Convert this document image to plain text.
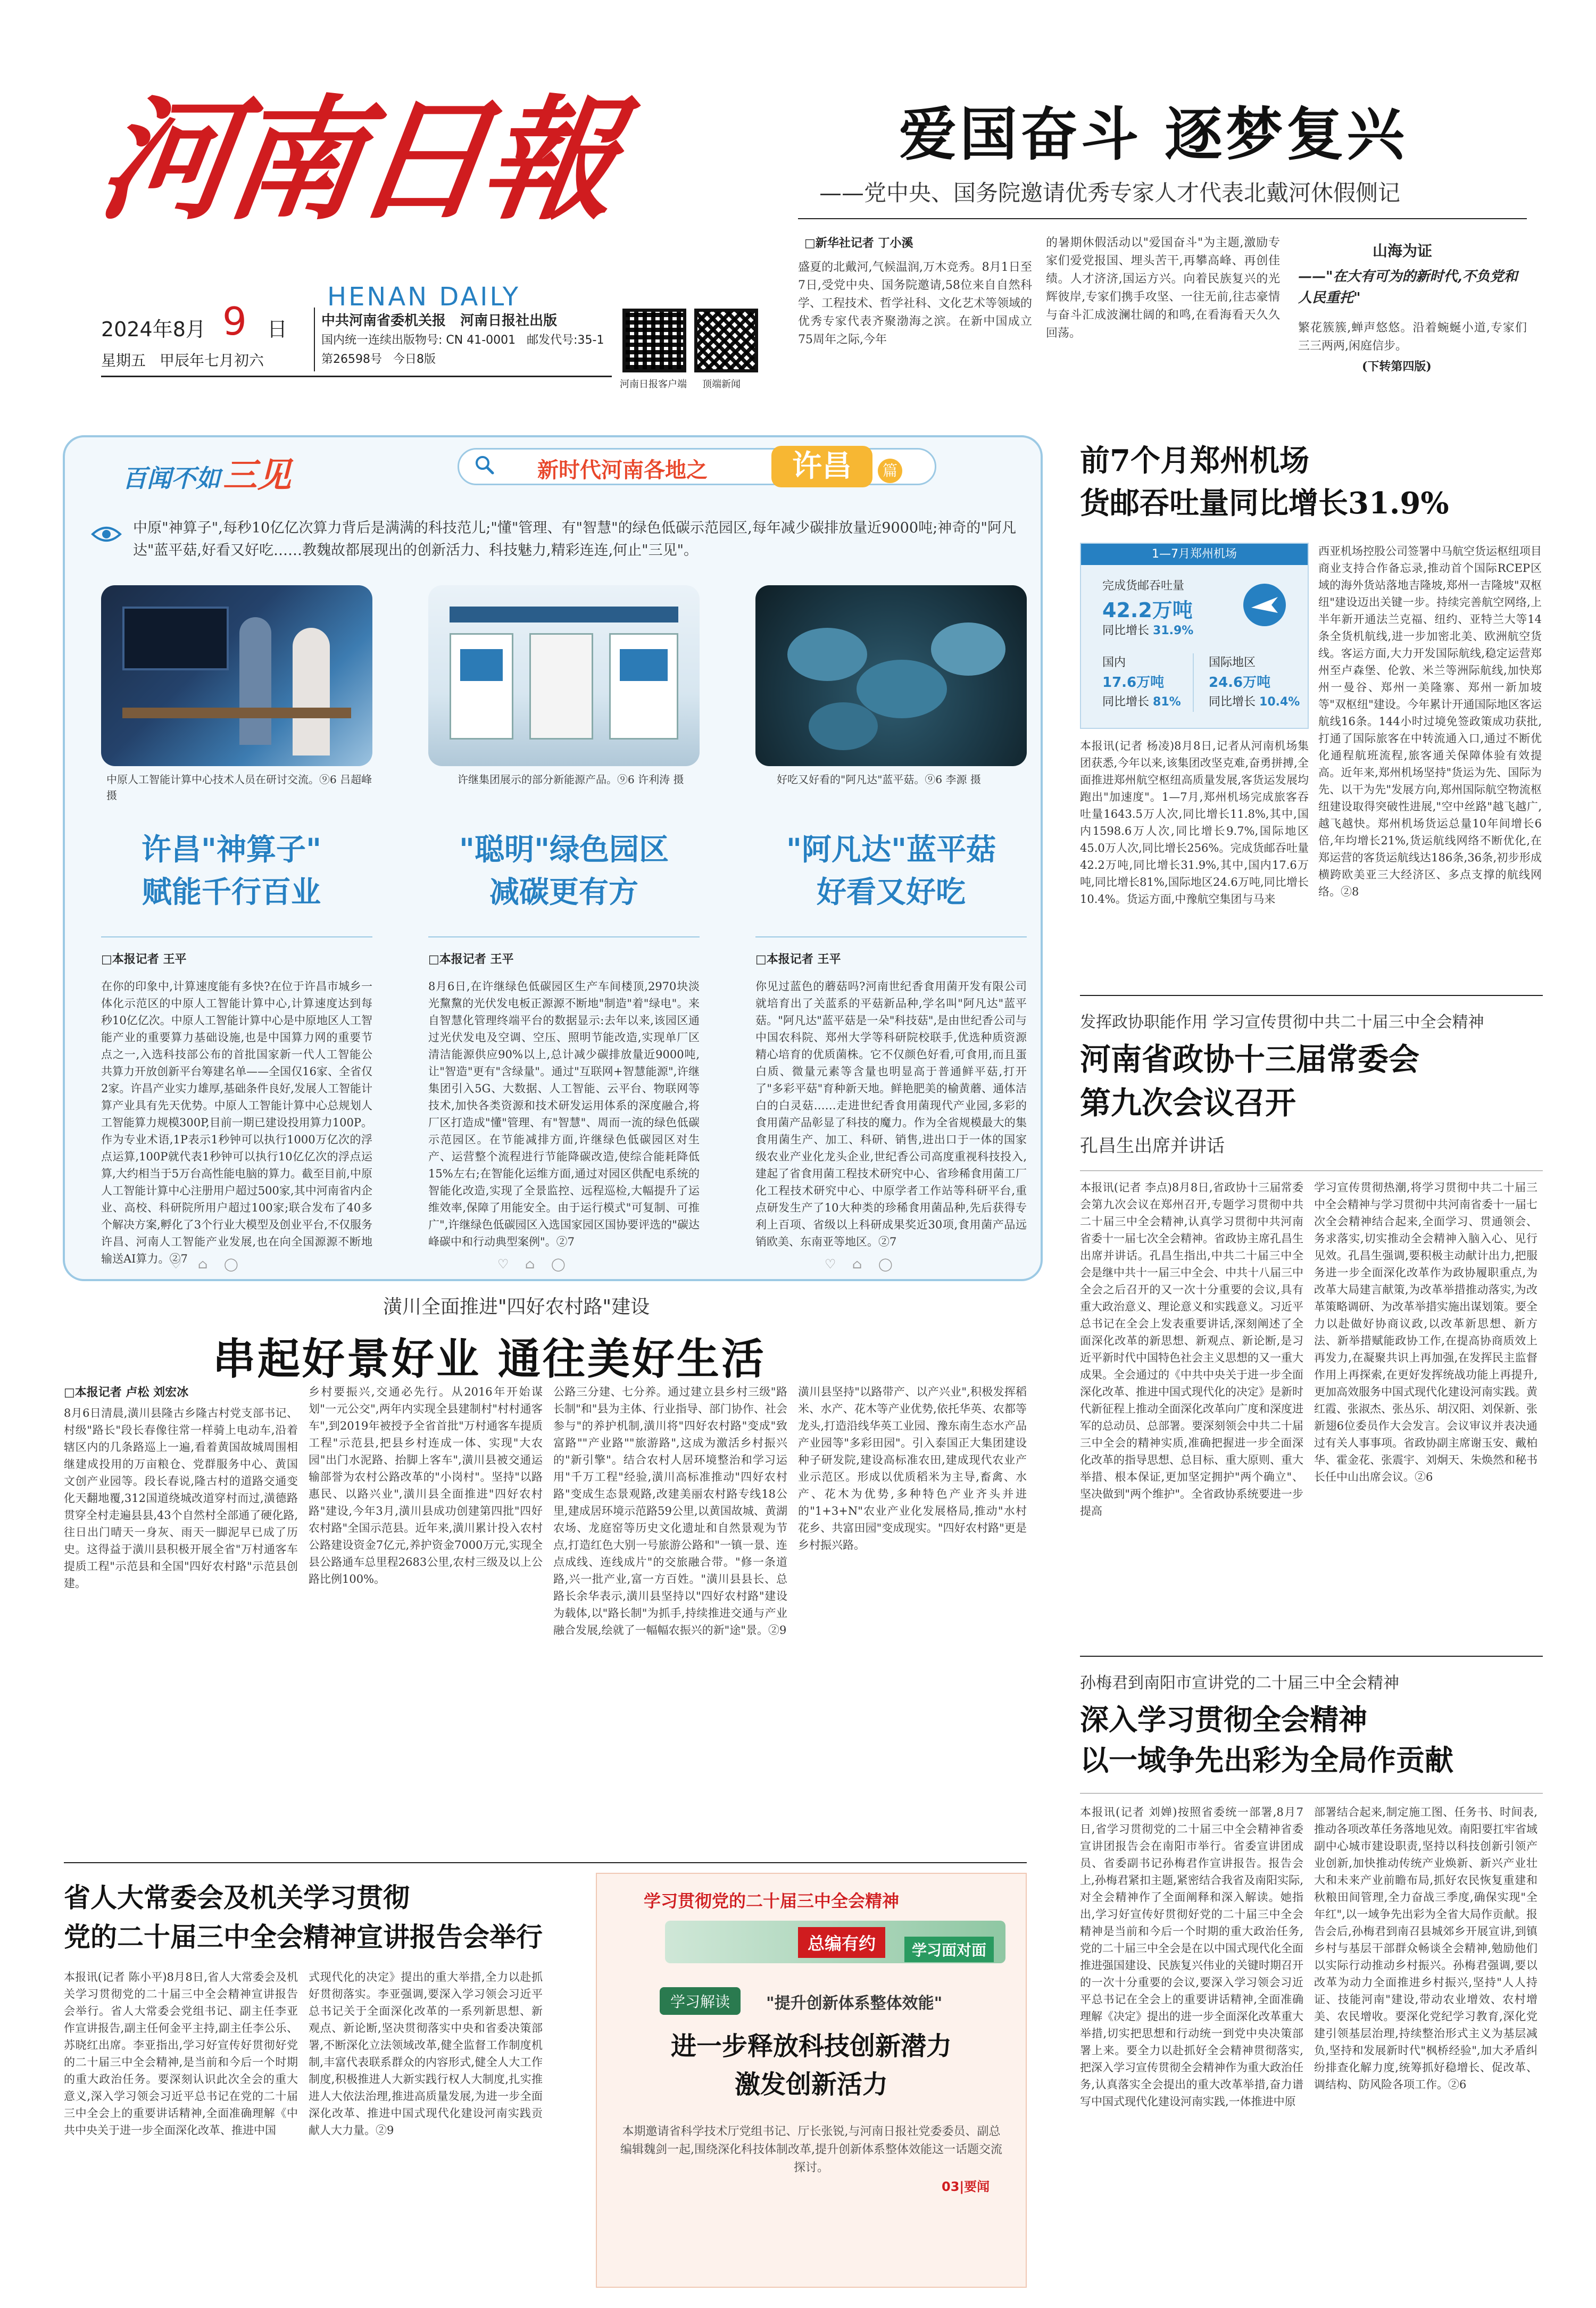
河南日報
HENAN DAILY
2024年8月 9 日
星期五 甲辰年七月初六
中共河南省委机关报 河南日报社出版
国内统一连续出版物号: CN 41-0001 邮发代号:35-1
第26598号 今日8版
河南日报客户端 顶端新闻
爱国奋斗 逐梦复兴
——党中央、国务院邀请优秀专家人才代表北戴河休假侧记
□新华社记者 丁小溪
盛夏的北戴河,气候温润,万木竞秀。8月1日至7日,受党中央、国务院邀请,58位来自自然科学、工程技术、哲学社科、文化艺术等领域的优秀专家代表齐聚渤海之滨。在新中国成立75周年之际,今年
的暑期休假活动以"爱国奋斗"为主题,激励专家们爱党报国、埋头苦干,再攀高峰、再创佳绩。人才济济,国运方兴。向着民族复兴的光辉彼岸,专家们携手攻坚、一往无前,往志豪情与奋斗汇成波澜壮阔的和鸣,在看海看天久久回荡。
山海为证
——"在大有可为的新时代,不负党和人民重托"
繁花簇簇,蝉声悠悠。沿着蜿蜒小道,专家们三三两两,闲庭信步。
(下转第四版)
百闻不如 三见	新时代河南各地之	许昌	篇
中原"神算子",每秒10亿亿次算力背后是满满的科技范儿;"懂"管理、有"智慧"的绿色低碳示范园区,每年减少碳排放量近9000吨;神奇的"阿凡达"蓝平菇,好看又好吃……教魏故都展现出的创新活力、科技魅力,精彩连连,何止"三见"。
中原人工智能计算中心技术人员在研讨交流。⑨6 吕超峰 摄
许昌"神算子"
赋能千行百业
□本报记者 王平
在你的印象中,计算速度能有多快?在位于许昌市城乡一体化示范区的中原人工智能计算中心,计算速度达到每秒10亿亿次。中原人工智能计算中心是中原地区人工智能产业的重要算力基础设施,也是中国算力网的重要节点之一,入选科技部公布的首批国家新一代人工智能公共算力开放创新平台筹建名单——全国仅16家、全省仅2家。许昌产业实力雄厚,基础条件良好,发展人工智能计算产业具有先天优势。中原人工智能计算中心总规划人工智能算力规模300P,目前一期已建设投用算力100P。作为专业术语,1P表示1秒钟可以执行1000万亿次的浮点运算,100P就代表1秒钟可以执行10亿亿次的浮点运算,大约相当于5万台高性能电脑的算力。截至目前,中原人工智能计算中心注册用户超过500家,其中河南省内企业、高校、科研院所用户超过100家;联合发布了40多个解决方案,孵化了3个行业大模型及创业平台,不仅服务许昌、河南人工智能产业发展,也在向全国源源不断地输送AI算力。②7
许继集团展示的部分新能源产品。⑨6 许利涛 摄
"聪明"绿色园区
减碳更有方
□本报记者 王平
8月6日,在许继绿色低碳园区生产车间楼顶,2970块淡光黧黧的光伏发电板正源源不断地"制造"着"绿电"。来自智慧化管理终端平台的数据显示:去年以来,该园区通过光伏发电及空调、空压、照明节能改造,实现单厂区清洁能源供应90%以上,总计减少碳排放量近9000吨,让"智造"更有"含绿量"。通过"互联网+智慧能源",许继集团引入5G、大数据、人工智能、云平台、物联网等技术,加快各类资源和技术研发运用体系的深度融合,将厂区打造成"懂"管理、有"智慧"、周而一流的绿色低碳示范园区。在节能减排方面,许继绿色低碳园区对生产、运营整个流程进行节能降碳改造,使综合能耗降低15%左右;在智能化运维方面,通过对园区供配电系统的智能化改造,实现了全景监控、远程巡检,大幅提升了运维效率,保障了用能安全。由于运行模式"可复制、可推广",许继绿色低碳园区入选国家园区国协要评选的"碳达峰碳中和行动典型案例"。②7
好吃又好看的"阿凡达"蓝平菇。⑨6 李源 摄
"阿凡达"蓝平菇
好看又好吃
□本报记者 王平
你见过蓝色的蘑菇吗?河南世纪香食用菌开发有限公司就培育出了关蓝系的平菇新品种,学名叫"阿凡达"蓝平菇。"阿凡达"蓝平菇是一朵"科技菇",是由世纪香公司与中国农科院、郑州大学等科研院校联手,优选种质资源精心培育的优质菌株。它不仅颜色好看,可食用,而且蛋白质、微量元素等含量也明显高于普通鲜平菇,打开了"多彩平菇"育种新天地。鲜艳肥美的榆黄蘑、通体洁白的白灵菇……走进世纪香食用菌现代产业园,多彩的食用菌产品彰显了科技的魔力。作为全省规模最大的集食用菌生产、加工、科研、销售,进出口于一体的国家级农业产业化龙头企业,世纪香公司高度重视科技投入,建起了省食用菌工程技术研究中心、省珍稀食用菌工厂化工程技术研究中心、中原学者工作站等科研平台,重点研发生产了10大种类的珍稀食用菌品种,先后获得专利上百项、省级以上科研成果奖近30项,食用菌产品远销欧美、东南亚等地区。②7
♡    ⌂    ◯	♡    ⌂    ◯	♡    ⌂    ◯
前7个月郑州机场
货邮吞吐量同比增长31.9%
1—7月郑州机场
完成货邮吞吐量
42.2万吨
同比增长 31.9%
国内
17.6万吨
同比增长 81%
国际地区
24.6万吨
同比增长 10.4%
本报讯(记者 杨凌)8月8日,记者从河南机场集团获悉,今年以来,该集团改坚克难,奋勇拼搏,全面推进郑州航空枢纽高质量发展,客货运发展均跑出"加速度"。1—7月,郑州机场完成旅客吞吐量1643.5万人次,同比增长11.8%,其中,国内1598.6万人次,同比增长9.7%,国际地区45.0万人次,同比增长256%。完成货邮吞吐量42.2万吨,同比增长31.9%,其中,国内17.6万吨,同比增长81%,国际地区24.6万吨,同比增长10.4%。货运方面,中豫航空集团与马来
西亚机场控股公司签署中马航空货运枢纽项目商业支持合作备忘录,推动首个国际RCEP区域的海外货站落地吉隆坡,郑州一吉隆坡"双枢纽"建设迈出关键一步。持续完善航空网络,上半年新开通法兰克福、纽约、亚特兰大等14条全货机航线,进一步加密北美、欧洲航空货线。客运方面,大力开发国际航线,稳定运营郑州至卢森堡、伦敦、米兰等洲际航线,加快郑州一曼谷、郑州一美隆寨、郑州一新加坡等"双枢纽"建设。今年累计开通国际地区客运航线16条。144小时过境免签政策成功获批,打通了国际旅客在中转流通入口,通过不断优化通程航班流程,旅客通关保障体验有效提高。近年来,郑州机场坚持"货运为先、国际为先、以干为先"发展方向,郑州国际航空物流枢纽建设取得突破性进展,"空中丝路"越飞越广,越飞越快。郑州机场货运总量10年间增长6倍,年均增长21%,货运航线网络不断优化,在郑运营的客货运航线达186条,36条,初步形成横跨欧美亚三大经济区、多点支撑的航线网络。②8
发挥政协职能作用 学习宣传贯彻中共二十届三中全会精神
河南省政协十三届常委会
第九次会议召开
孔昌生出席并讲话
本报讯(记者 李点)8月8日,省政协十三届常委会第九次会议在郑州召开,专题学习贯彻中共二十届三中全会精神,认真学习贯彻中共河南省委十一届七次全会精神。省政协主席孔昌生出席并讲话。孔昌生指出,中共二十届三中全会是继中共十一届三中全会、中共十八届三中全会之后召开的又一次十分重要的会议,具有重大政治意义、理论意义和实践意义。习近平总书记在全会上发表重要讲话,深刻阐述了全面深化改革的新思想、新观点、新论断,是习近平新时代中国特色社会主义思想的又一重大成果。全会通过的《中共中央关于进一步全面深化改革、推进中国式现代化的决定》是新时代新征程上推动全面深化改革向广度和深度进军的总动员、总部署。要深刻领会中共二十届三中全会的精神实质,准确把握进一步全面深化改革的指导思想、总目标、重大原则、重大举措、根本保证,更加坚定拥护"两个确立"、坚决做到"两个维护"。全省政协系统要进一步提高
学习宣传贯彻热潮,将学习贯彻中共二十届三中全会精神与学习贯彻中共河南省委十一届七次全会精神结合起来,全面学习、贯通领会、务求落实,切实推动全会精神入脑入心、见行见效。孔昌生强调,要积极主动献计出力,把服务进一步全面深化改革作为政协履职重点,为改革大局建言献策,为改革举措推动落实,为改革策略调研、为改革举措实施出谋划策。要全力以赴做好协商议政,以改革新思想、新方法、新举措赋能政协工作,在提高协商质效上再发力,在凝聚共识上再加强,在发挥民主监督作用上再探索,在更好发挥统战功能上再提升,更加高效服务中国式现代化建设河南实践。黄红霞、张淑杰、张丛乐、胡汉阳、刘保新、张新翅6位委员作大会发言。会议审议并表决通过有关人事事项。省政协副主席谢玉安、戴柏华、霍金花、张震宇、刘炯天、朱焕然和秘书长任中山出席会议。②6
孙梅君到南阳市宣讲党的二十届三中全会精神
深入学习贯彻全会精神
以一域争先出彩为全局作贡献
本报讯(记者 刘婵)按照省委统一部署,8月7日,省学习贯彻党的二十届三中全会精神省委宣讲团报告会在南阳市举行。省委宣讲团成员、省委副书记孙梅君作宣讲报告。报告会上,孙梅君紧扣主题,紧密结合我省及南阳实际,对全会精神作了全面阐释和深入解读。她指出,学习好宣传好贯彻好党的二十届三中全会精神是当前和今后一个时期的重大政治任务,党的二十届三中全会是在以中国式现代化全面推进强国建设、民族复兴伟业的关键时期召开的一次十分重要的会议,要深入学习领会习近平总书记在全会上的重要讲话精神,全面准确理解《决定》提出的进一步全面深化改革重大举措,切实把思想和行动统一到党中央决策部署上来。要全力以赴抓好全会精神贯彻落实,把深入学习宣传贯彻全会精神作为重大政治任务,认真落实全会提出的重大改革举措,奋力谱写中国式现代化建设河南实践,一体推进中原
部署结合起来,制定施工图、任务书、时间表,推动各项改革任务落地见效。南阳要扛牢省域副中心城市建设职责,坚持以科技创新引领产业创新,加快推动传统产业焕新、新兴产业壮大和未来产业前瞻布局,抓好农民恢复重建和秋粮田间管理,全力奋战三季度,确保实现"全年红",以一域争先出彩为全省大局作贡献。报告会后,孙梅君到南召县城郊乡开展宣讲,到镇乡村与基层干部群众畅谈全会精神,勉励他们以实际行动推动乡村振兴。孙梅君强调,要以改革为动力全面推进乡村振兴,坚持"人人持证、技能河南"建设,带动农业增效、农村增美、农民增收。要深化党纪学习教育,深化党建引领基层治理,持续整治形式主义为基层减负,坚持和发展新时代"枫桥经验",加大矛盾纠纷排查化解力度,统筹抓好稳增长、促改革、调结构、防风险各项工作。②6
潢川全面推进"四好农村路"建设
串起好景好业 通往美好生活
□本报记者 卢松 刘宏冰
8月6日清晨,潢川县隆古乡隆古村党支部书记、村级"路长"段长春像往常一样骑上电动车,沿着辖区内的几条路巡上一遍,看着黄国故城周围相继建成投用的万亩粮仓、党群服务中心、黄国文创产业园等。段长春说,隆古村的道路交通变化天翻地覆,312国道绕城改道穿村而过,潢德路贯穿全村走遍县县,43个自然村全部通了硬化路,往日出门晴天一身灰、雨天一脚泥早已成了历史。这得益于潢川县积极开展全省"万村通客车提质工程"示范县和全国"四好农村路"示范县创建。
乡村要振兴,交通必先行。从2016年开始谋划"一元公交",两年内实现全县建制村"村村通客车",到2019年被授予全省首批"万村通客车提质工程"示范县,把县乡村连成一体、实现"大农园"出门水泥路、抬脚上客车",潢川县被交通运输部誉为农村公路改革的"小岗村"。坚持"以路惠民、以路兴业",潢川县全面推进"四好农村路"建设,今年3月,潢川县成功创建第四批"四好农村路"全国示范县。近年来,潢川累计投入农村公路建设资金7亿元,养护资金7000万元,实现全县公路通车总里程2683公里,农村三级及以上公路比例100%。
公路三分建、七分养。通过建立县乡村三级"路长制"和"县为主体、行业指导、部门协作、社会参与"的养护机制,潢川将"四好农村路"变成"致富路""产业路""旅游路",这成为激活乡村振兴的"新引擎"。结合农村人居环境整治和学习运用"千万工程"经验,潢川高标准推动"四好农村路"变成生态景观路,改建美丽农村路专线18公里,建成居环境示范路59公里,以黄国故城、黄湖农场、龙庭窑等历史文化遗址和自然景观为节点,打造红色大别一号旅游公路和"一镇一景、连点成线、连线成片"的交旅融合带。"修一条道路,兴一批产业,富一方百姓。"潢川县县长、总路长余华表示,潢川县坚持以"四好农村路"建设为载体,以"路长制"为抓手,持续推进交通与产业融合发展,绘就了一幅幅农振兴的新"途"景。②9
潢川县坚持"以路带产、以产兴业",积极发挥稻米、水产、花木等产业优势,依托华英、农都等龙头,打造沿线华英工业园、豫东南生态水产品产业园等"多彩田园"。引入泰国正大集团建设种子研发院,建设高标准农田,建成现代农业产业示范区。形成以优质稻米为主导,畜禽、水产、花木为优势,多种特色产业齐头并进的"1+3+N"农业产业化发展格局,推动"水村花乡、共富田园"变成现实。"四好农村路"更是乡村振兴路。
省人大常委会及机关学习贯彻
党的二十届三中全会精神宣讲报告会举行
本报讯(记者 陈小平)8月8日,省人大常委会及机关学习贯彻党的二十届三中全会精神宣讲报告会举行。省人大常委会党组书记、副主任李亚作宣讲报告,副主任何金平主持,副主任李公乐、苏晓红出席。李亚指出,学习好宣传好贯彻好党的二十届三中全会精神,是当前和今后一个时期的重大政治任务。要深刻认识此次全会的重大意义,深入学习领会习近平总书记在党的二十届三中全会上的重要讲话精神,全面准确理解《中共中央关于进一步全面深化改革、推进中国
式现代化的决定》提出的重大举措,全力以赴抓好贯彻落实。李亚强调,要深入学习领会习近平总书记关于全面深化改革的一系列新思想、新观点、新论断,坚决贯彻落实中央和省委决策部署,不断深化立法领域改革,健全监督工作制度机制,丰富代表联系群众的内容形式,健全人大工作制度,积极推进人大新实践行权人大制度,扎实推进人大依法治理,推进高质量发展,为进一步全面深化改革、推进中国式现代化建设河南实践贡献人大力量。②9
学习贯彻党的二十届三中全会精神
总编有约	学习面对面
学习解读	"提升创新体系整体效能"
进一步释放科技创新潜力
激发创新活力
本期邀请省科学技术厅党组书记、厅长张锐,与河南日报社党委委员、副总编辑魏剑一起,围绕深化科技体制改革,提升创新体系整体效能这一话题交流探讨。
03|要闻
